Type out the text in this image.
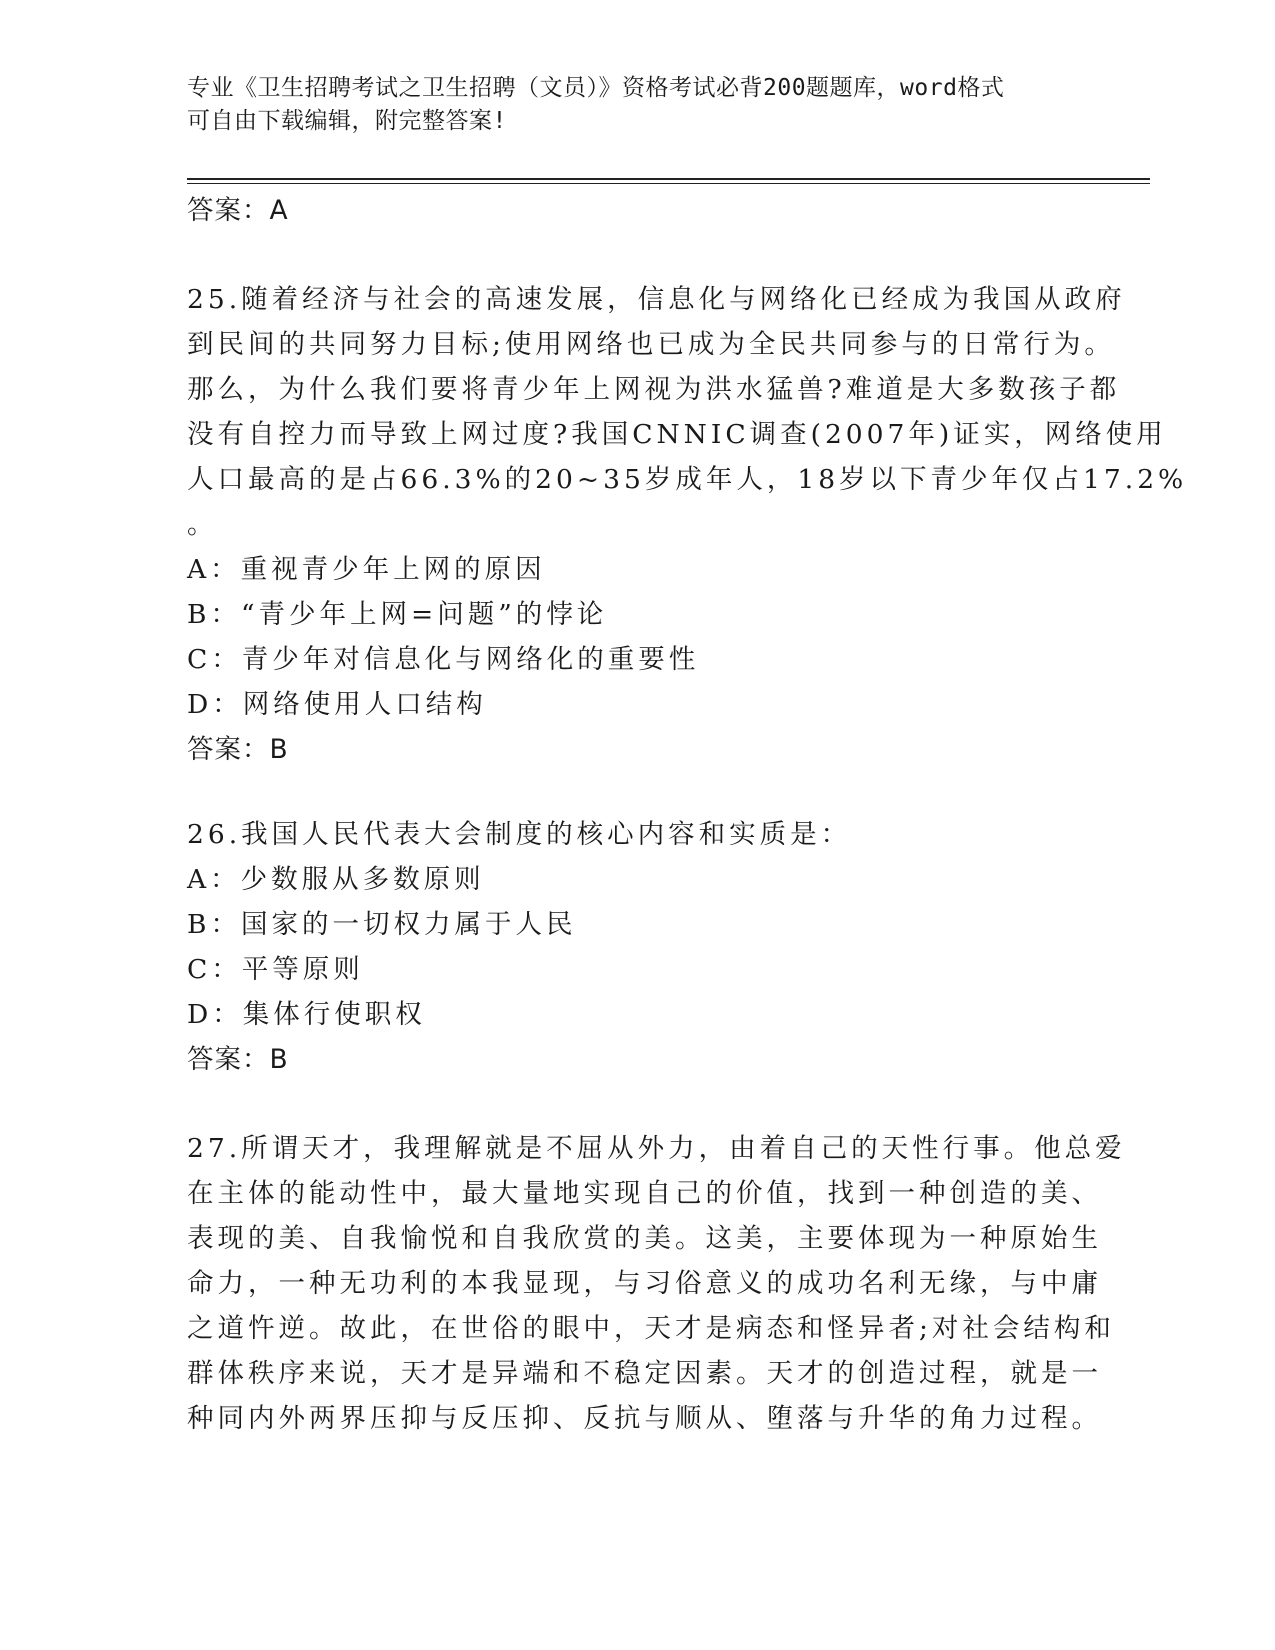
专业《卫生招聘考试之卫生招聘（文员）》资格考试必背200题题库，word格式
可自由下载编辑，附完整答案!
答案：A
25.随着经济与社会的高速发展，信息化与网络化已经成为我国从政府
到民间的共同努力目标;使用网络也已成为全民共同参与的日常行为。
那么，为什么我们要将青少年上网视为洪水猛兽?难道是大多数孩子都
没有自控力而导致上网过度?我国CNNIC调查(2007年)证实，网络使用
人口最高的是占66.3%的20~35岁成年人，18岁以下青少年仅占17.2%
。
A：重视青少年上网的原因
B：“青少年上网=问题”的悖论
C：青少年对信息化与网络化的重要性
D：网络使用人口结构
答案：B
26.我国人民代表大会制度的核心内容和实质是：
A：少数服从多数原则
B：国家的一切权力属于人民
C：平等原则
D：集体行使职权
答案：B
27.所谓天才，我理解就是不屈从外力，由着自己的天性行事。他总爱
在主体的能动性中，最大量地实现自己的价值，找到一种创造的美、
表现的美、自我愉悦和自我欣赏的美。这美，主要体现为一种原始生
命力，一种无功利的本我显现，与习俗意义的成功名利无缘，与中庸
之道忤逆。故此，在世俗的眼中，天才是病态和怪异者;对社会结构和
群体秩序来说，天才是异端和不稳定因素。天才的创造过程，就是一
种同内外两界压抑与反压抑、反抗与顺从、堕落与升华的角力过程。
